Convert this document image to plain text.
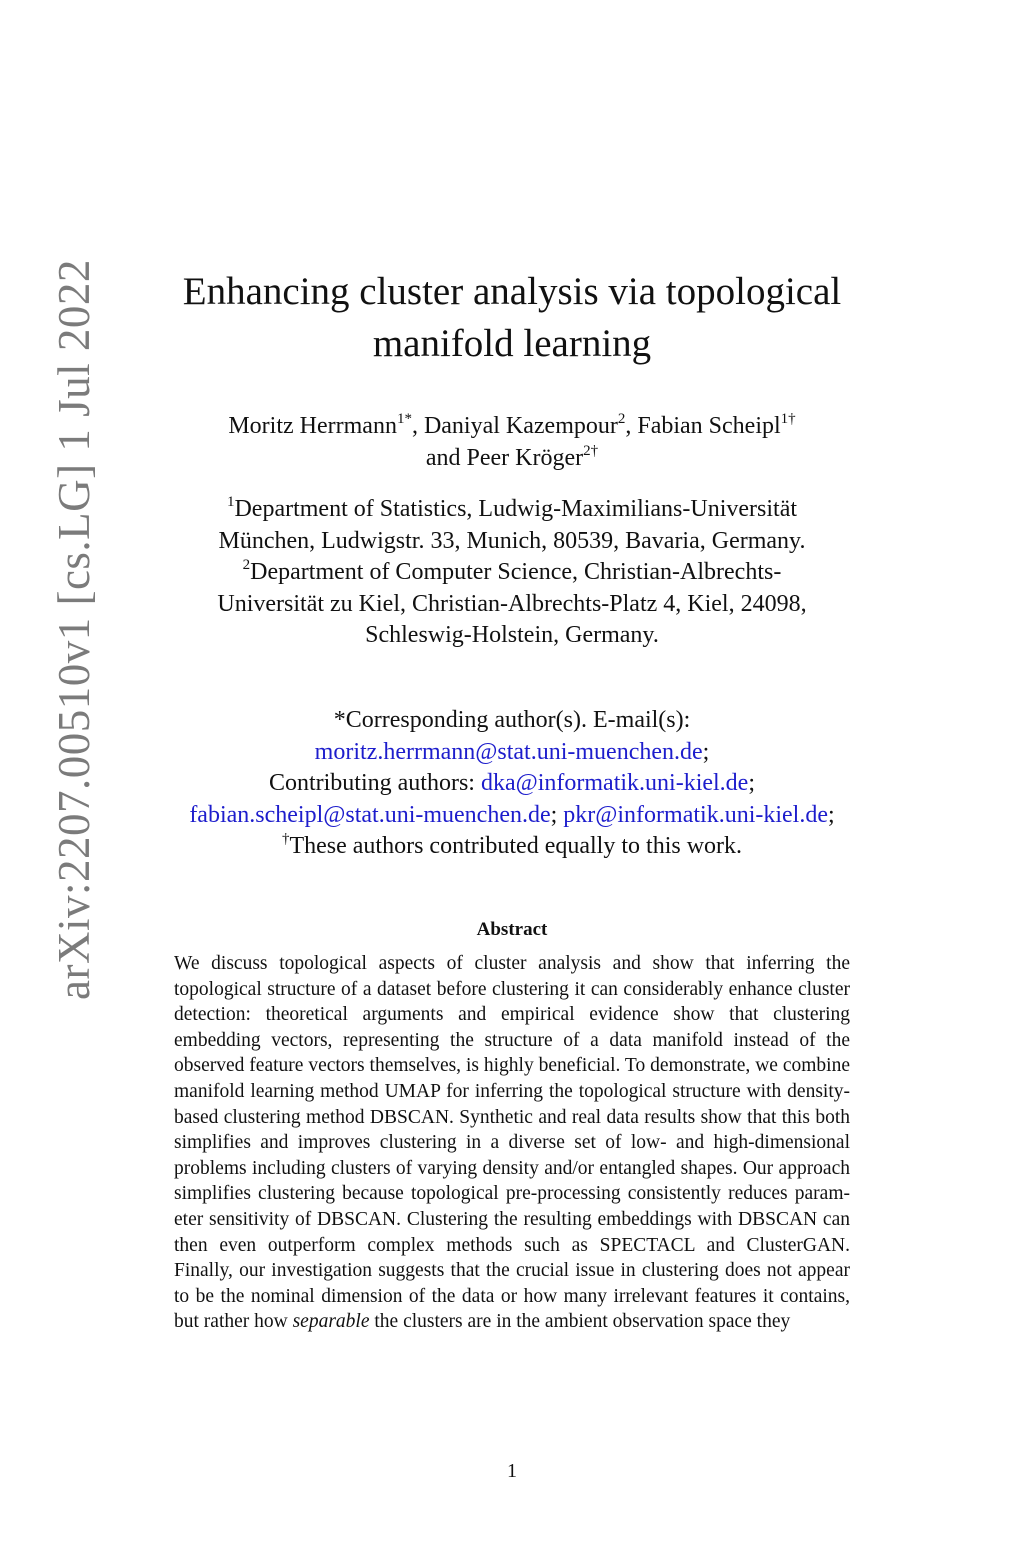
arXiv:2207.00510v1 [cs.LG] 1 Jul 2022	Enhancing cluster analysis via topological
manifold learning
Moritz Herrmann$^{1*}$, Daniyal Kazempour$^2$, Fabian Scheipl$^{1\dagger}$
and Peer Kröger$^{2\dagger}$
$^1$Department of Statistics, Ludwig-Maximilians-Universität
München, Ludwigstr. 33, Munich, 80539, Bavaria, Germany.
$^2$Department of Computer Science, Christian-Albrechts-
Universität zu Kiel, Christian-Albrechts-Platz 4, Kiel, 24098,
Schleswig-Holstein, Germany.
*Corresponding author(s). E-mail(s):
moritz.herrmann@stat.uni-muenchen.de;
Contributing authors: dka@informatik.uni-kiel.de;
fabian.scheipl@stat.uni-muenchen.de; pkr@informatik.uni-kiel.de;
†These authors contributed equally to this work.
Abstract

We discuss topological aspects of cluster analysis and show that inferring the topological structure of a dataset before clustering it can considerably enhance cluster detection: theoretical arguments and empirical evidence show that clustering embedding vectors, representing the structure of a data manifold instead of the observed feature vectors themselves, is highly beneficial. To demonstrate, we combine manifold learning method UMAP for inferring the topological structure with density-based clustering method DBSCAN. Synthetic and real data results show that this both simplifies and improves clustering in a diverse set of low- and high-dimensional problems including clusters of varying density and/or entangled shapes. Our approach simplifies clustering because topological pre-processing consistently reduces parameter sensitivity of DBSCAN. Clustering the resulting embeddings with DBSCAN can then even outperform complex methods such as SPECTACL and ClusterGAN. Finally, our investigation suggests that the crucial issue in clustering does not appear to be the nominal dimension of the data or how many irrelevant features it contains, but rather how separable the clusters are in the ambient observation space they

1
